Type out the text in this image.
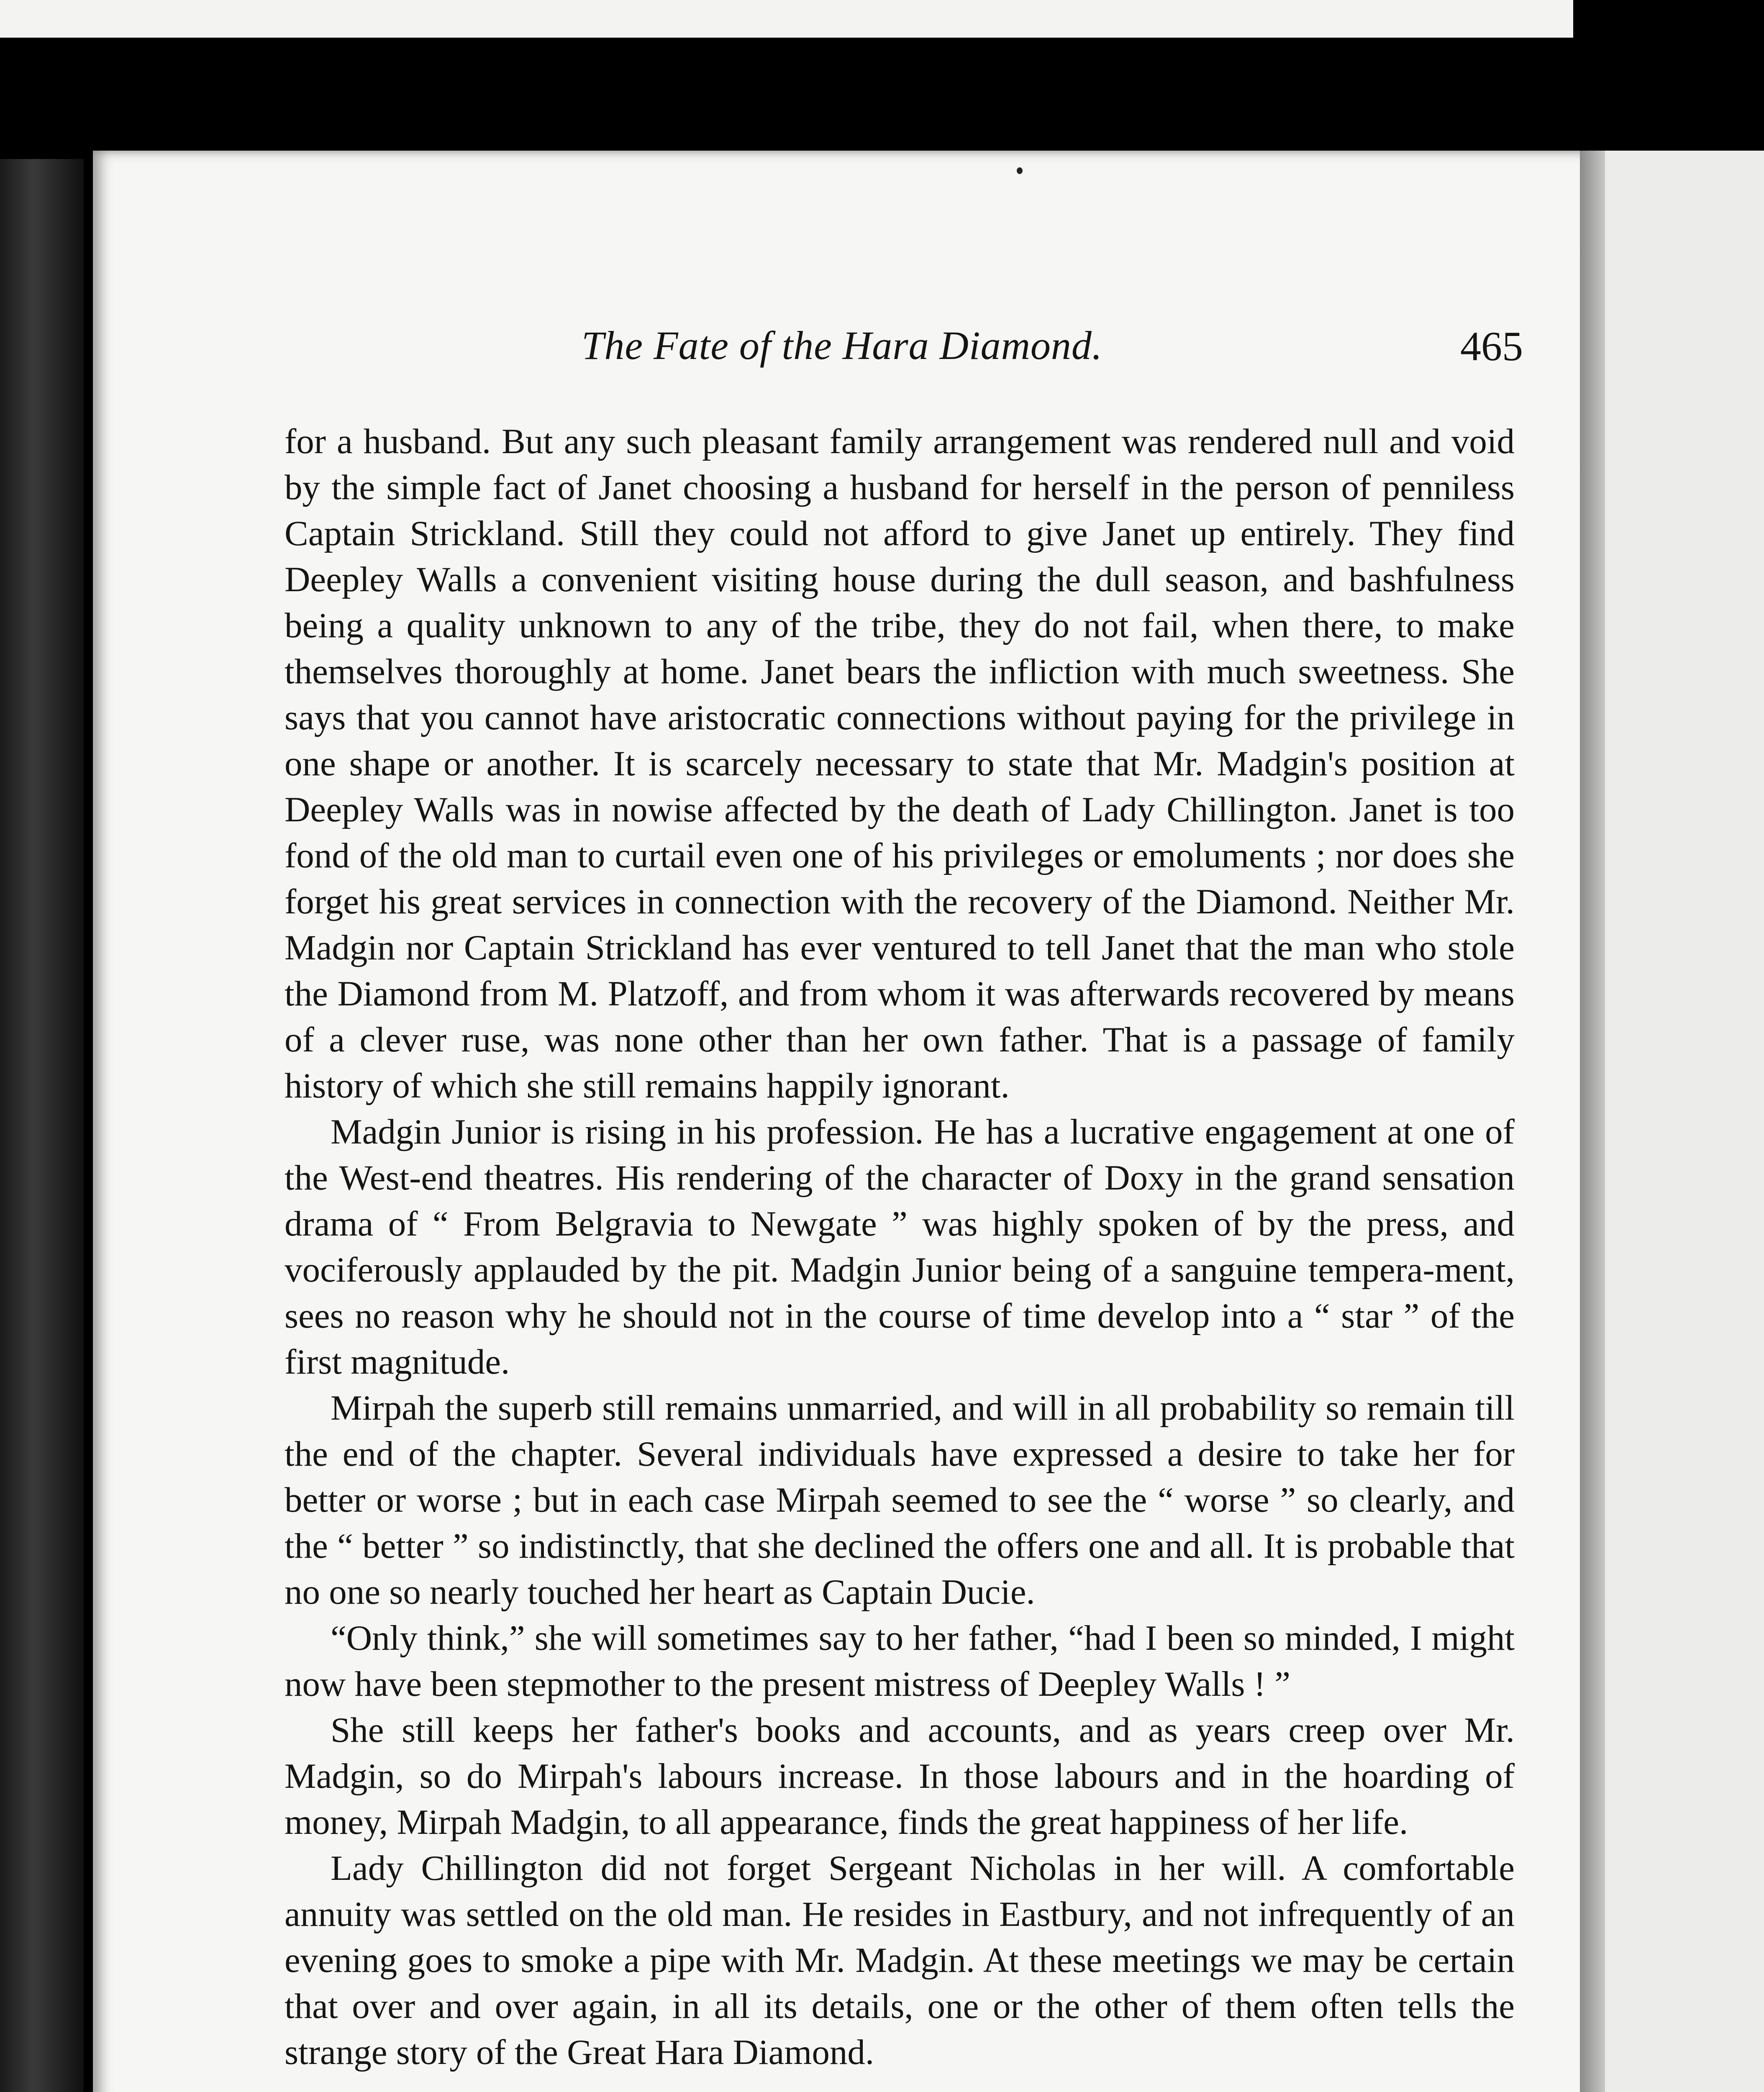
The Fate of the Hara Diamond.	465

for a husband. But any such pleasant family arrangement was rendered null and void by the simple fact of Janet choosing a husband for herself in the person of penniless Captain Strickland. Still they could not afford to give Janet up entirely. They find Deepley Walls a convenient visiting house during the dull season, and bashfulness being a quality unknown to any of the tribe, they do not fail, when there, to make themselves thoroughly at home. Janet bears the infliction with much sweetness. She says that you cannot have aristocratic connections without paying for the privilege in one shape or another. It is scarcely necessary to state that Mr. Madgin's position at Deepley Walls was in nowise affected by the death of Lady Chillington. Janet is too fond of the old man to curtail even one of his privileges or emoluments ; nor does she forget his great services in connection with the recovery of the Diamond. Neither Mr. Madgin nor Captain Strickland has ever ventured to tell Janet that the man who stole the Diamond from M. Platzoff, and from whom it was afterwards recovered by means of a clever ruse, was none other than her own father. That is a passage of family history of which she still remains happily ignorant.

Madgin Junior is rising in his profession. He has a lucrative engagement at one of the West-end theatres. His rendering of the character of Doxy in the grand sensation drama of “ From Belgravia to Newgate ” was highly spoken of by the press, and vociferously applauded by the pit. Madgin Junior being of a sanguine tempera-ment, sees no reason why he should not in the course of time develop into a “ star ” of the first magnitude.

Mirpah the superb still remains unmarried, and will in all probability so remain till the end of the chapter. Several individuals have expressed a desire to take her for better or worse ; but in each case Mirpah seemed to see the “ worse ” so clearly, and the “ better ” so indistinctly, that she declined the offers one and all. It is probable that no one so nearly touched her heart as Captain Ducie.

“Only think,” she will sometimes say to her father, “had I been so minded, I might now have been stepmother to the present mistress of Deepley Walls ! ”

She still keeps her father's books and accounts, and as years creep over Mr. Madgin, so do Mirpah's labours increase. In those labours and in the hoarding of money, Mirpah Madgin, to all appearance, finds the great happiness of her life.

Lady Chillington did not forget Sergeant Nicholas in her will. A comfortable annuity was settled on the old man. He resides in Eastbury, and not infrequently of an evening goes to smoke a pipe with Mr. Madgin. At these meetings we may be certain that over and over again, in all its details, one or the other of them often tells the strange story of the Great Hara Diamond.
